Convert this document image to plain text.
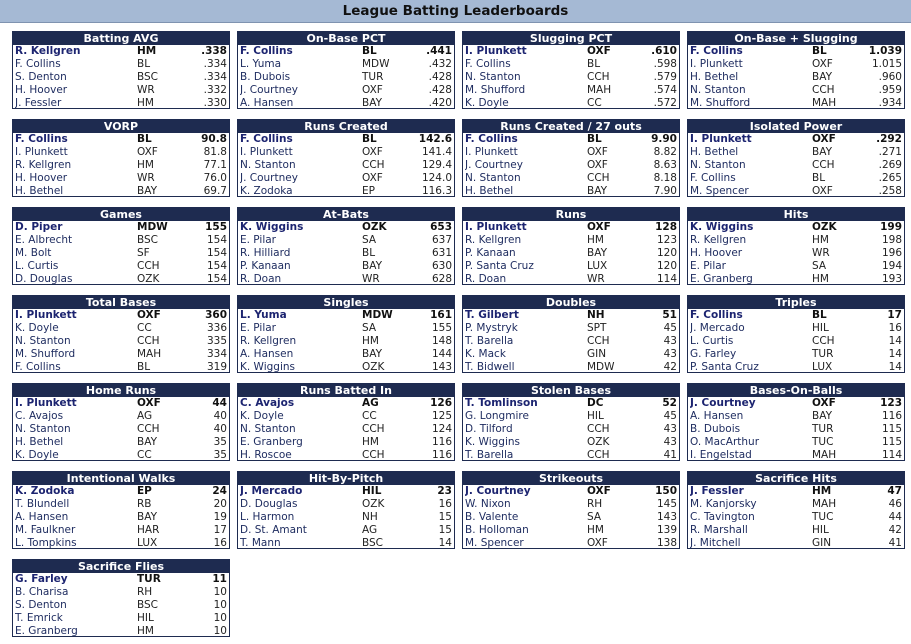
League Batting Leaderboards
Batting AVG
R. Kellgren	HM	.338
F. Collins	BL	.334
S. Denton	BSC	.334
H. Hoover	WR	.332
J. Fessler	HM	.330
On-Base PCT
F. Collins	BL	.441
L. Yuma	MDW	.432
B. Dubois	TUR	.428
J. Courtney	OXF	.428
A. Hansen	BAY	.420
Slugging PCT
I. Plunkett	OXF	.610
F. Collins	BL	.598
N. Stanton	CCH	.579
M. Shufford	MAH	.574
K. Doyle	CC	.572
On-Base + Slugging
F. Collins	BL	1.039
I. Plunkett	OXF	1.015
H. Bethel	BAY	.960
N. Stanton	CCH	.959
M. Shufford	MAH	.934
VORP
F. Collins	BL	90.8
I. Plunkett	OXF	81.8
R. Kellgren	HM	77.1
H. Hoover	WR	76.0
H. Bethel	BAY	69.7
Runs Created
F. Collins	BL	142.6
I. Plunkett	OXF	141.4
N. Stanton	CCH	129.4
J. Courtney	OXF	124.0
K. Zodoka	EP	116.3
Runs Created / 27 outs
F. Collins	BL	9.90
I. Plunkett	OXF	8.82
J. Courtney	OXF	8.63
N. Stanton	CCH	8.18
H. Bethel	BAY	7.90
Isolated Power
I. Plunkett	OXF	.292
H. Bethel	BAY	.271
N. Stanton	CCH	.269
F. Collins	BL	.265
M. Spencer	OXF	.258
Games
D. Piper	MDW	155
E. Albrecht	BSC	154
M. Bolt	SF	154
L. Curtis	CCH	154
D. Douglas	OZK	154
At-Bats
K. Wiggins	OZK	653
E. Pilar	SA	637
R. Hilliard	BL	631
P. Kanaan	BAY	630
R. Doan	WR	628
Runs
I. Plunkett	OXF	128
R. Kellgren	HM	123
P. Kanaan	BAY	120
P. Santa Cruz	LUX	120
R. Doan	WR	114
Hits
K. Wiggins	OZK	199
R. Kellgren	HM	198
H. Hoover	WR	196
E. Pilar	SA	194
E. Granberg	HM	193
Total Bases
I. Plunkett	OXF	360
K. Doyle	CC	336
N. Stanton	CCH	335
M. Shufford	MAH	334
F. Collins	BL	319
Singles
L. Yuma	MDW	161
E. Pilar	SA	155
R. Kellgren	HM	148
A. Hansen	BAY	144
K. Wiggins	OZK	143
Doubles
T. Gilbert	NH	51
P. Mystryk	SPT	45
T. Barella	CCH	43
K. Mack	GIN	43
T. Bidwell	MDW	42
Triples
F. Collins	BL	17
J. Mercado	HIL	16
L. Curtis	CCH	14
G. Farley	TUR	14
P. Santa Cruz	LUX	14
Home Runs
I. Plunkett	OXF	44
C. Avajos	AG	40
N. Stanton	CCH	40
H. Bethel	BAY	35
K. Doyle	CC	35
Runs Batted In
C. Avajos	AG	126
K. Doyle	CC	125
N. Stanton	CCH	124
E. Granberg	HM	116
H. Roscoe	CCH	116
Stolen Bases
T. Tomlinson	DC	52
G. Longmire	HIL	45
D. Tilford	CCH	43
K. Wiggins	OZK	43
T. Barella	CCH	41
Bases-On-Balls
J. Courtney	OXF	123
A. Hansen	BAY	116
B. Dubois	TUR	115
O. MacArthur	TUC	115
I. Engelstad	MAH	114
Intentional Walks
K. Zodoka	EP	24
T. Blundell	RB	20
A. Hansen	BAY	19
M. Faulkner	HAR	17
L. Tompkins	LUX	16
Hit-By-Pitch
J. Mercado	HIL	23
D. Douglas	OZK	16
L. Harmon	NH	15
D. St. Amant	AG	15
T. Mann	BSC	14
Strikeouts
J. Courtney	OXF	150
W. Nixon	RH	145
B. Valente	SA	143
B. Holloman	HM	139
M. Spencer	OXF	138
Sacrifice Hits
J. Fessler	HM	47
M. Kanjorsky	MAH	46
C. Tavington	TUC	44
R. Marshall	HIL	42
J. Mitchell	GIN	41
Sacrifice Flies
G. Farley	TUR	11
B. Charisa	RH	10
S. Denton	BSC	10
T. Emrick	HIL	10
E. Granberg	HM	10
